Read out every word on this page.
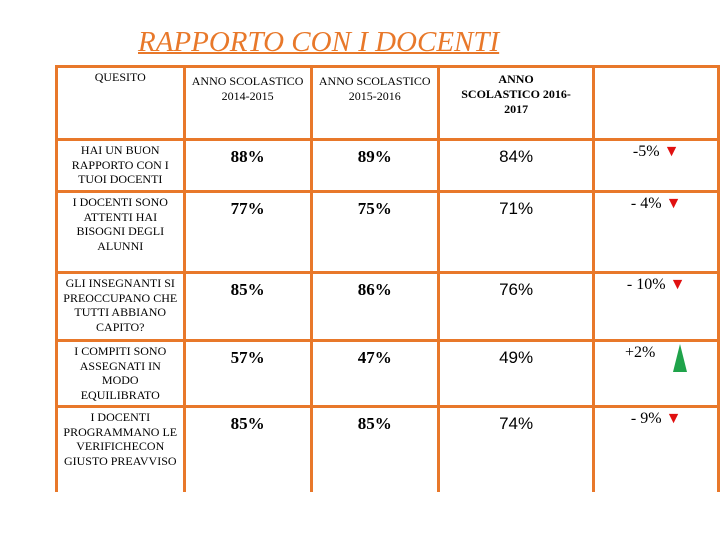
RAPPORTO CON I DOCENTI
QUESITO	ANNO SCOLASTICO 2014-2015	ANNO SCOLASTICO 2015-2016	ANNO SCOLASTICO 2016-2017	
HAI UN BUON RAPPORTO CON I TUOI DOCENTI	88%	89%	84%	-5% ▼
I DOCENTI SONO ATTENTI HAI BISOGNI DEGLI ALUNNI	77%	75%	71%	- 4% ▼
GLI INSEGNANTI SI PREOCCUPANO CHE TUTTI ABBIANO CAPITO?	85%	86%	76%	- 10% ▼
I COMPITI SONO ASSEGNATI IN MODO EQUILIBRATO	57%	47%	49%	+2%
I DOCENTI PROGRAMMANO LE VERIFICHECON GIUSTO PREAVVISO	85%	85%	74%	- 9% ▼
